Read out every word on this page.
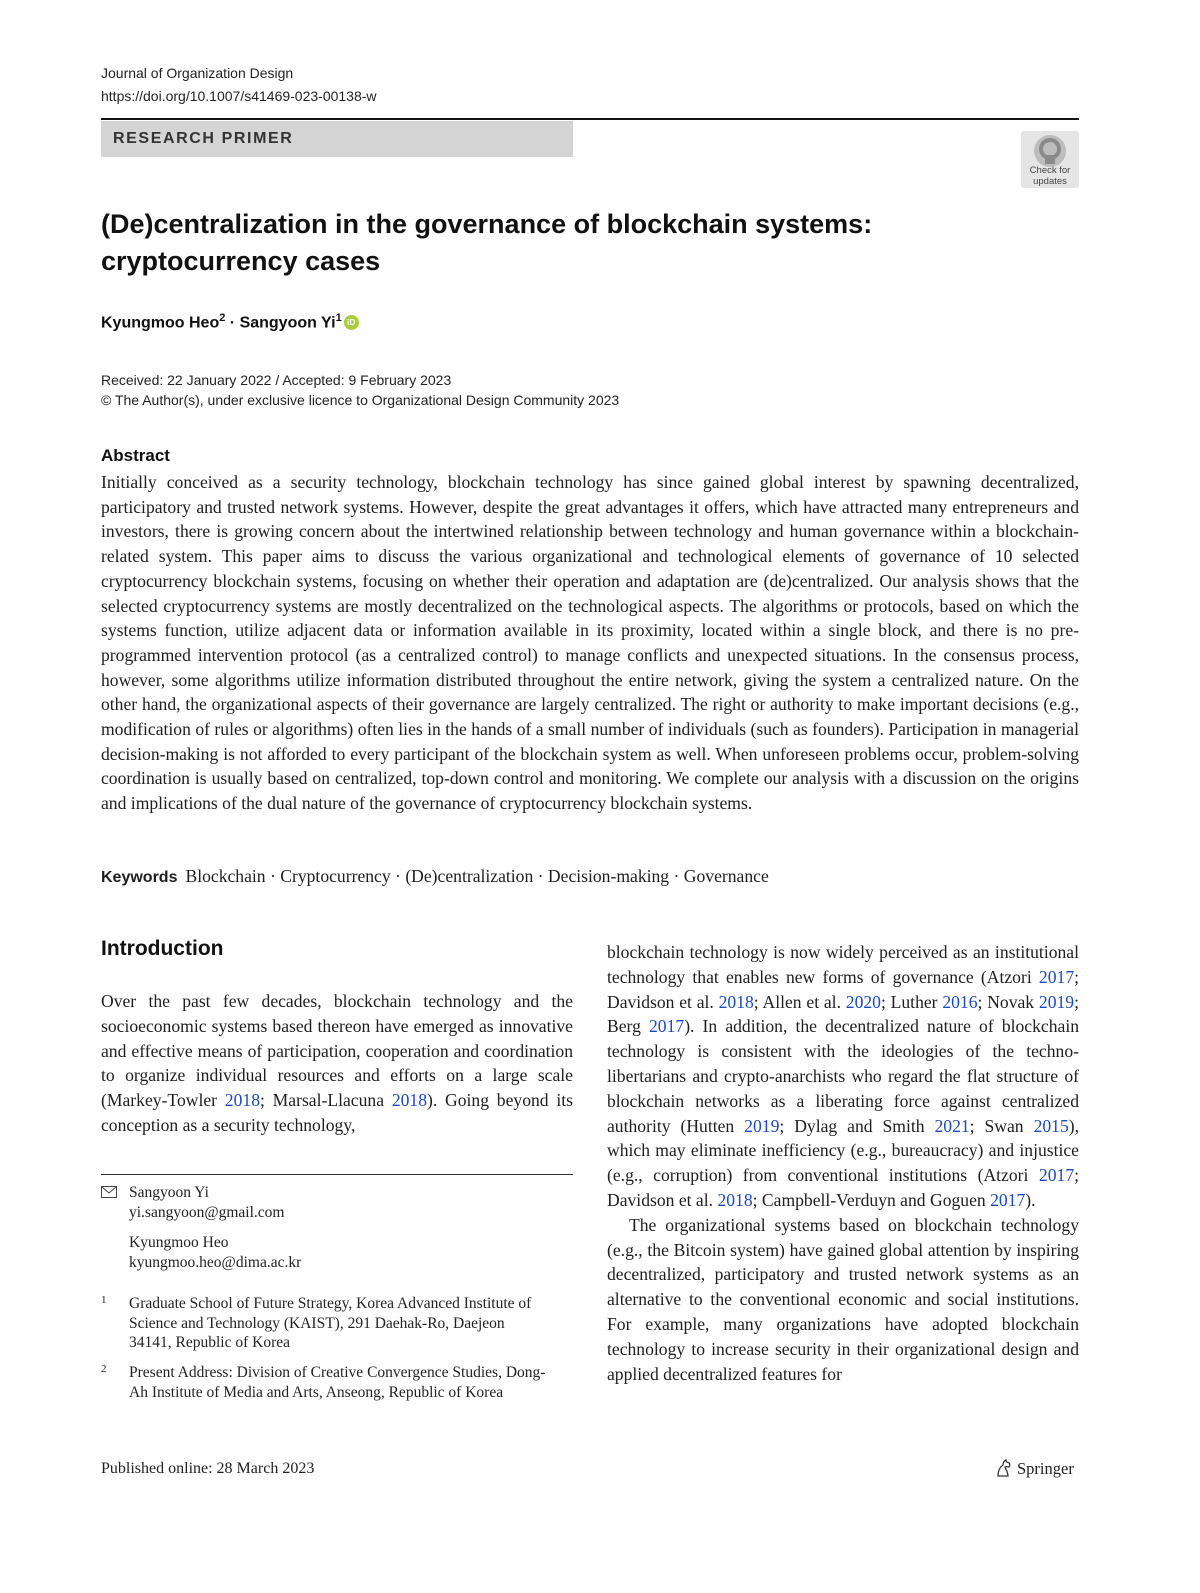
Journal of Organization Design
https://doi.org/10.1007/s41469-023-00138-w
RESEARCH PRIMER
Check for
updates
(De)centralization in the governance of blockchain systems:
cryptocurrency cases
Kyungmoo Heo$^2$ · Sangyoon Yi$^1$ iD
Received: 22 January 2022 / Accepted: 9 February 2023
© The Author(s), under exclusive licence to Organizational Design Community 2023
Abstract
Initially conceived as a security technology, blockchain technology has since gained global interest by spawning decentralized, participatory and trusted network systems. However, despite the great advantages it offers, which have attracted many entrepreneurs and investors, there is growing concern about the intertwined relationship between technology and human governance within a blockchain-related system. This paper aims to discuss the various organizational and technological elements of governance of 10 selected cryptocurrency blockchain systems, focusing on whether their operation and adaptation are (de)centralized. Our analysis shows that the selected cryptocurrency systems are mostly decentralized on the technological aspects. The algorithms or protocols, based on which the systems function, utilize adjacent data or information available in its proximity, located within a single block, and there is no pre-programmed intervention protocol (as a centralized control) to manage conflicts and unexpected situations. In the consensus process, however, some algorithms utilize information distributed throughout the entire network, giving the system a centralized nature. On the other hand, the organizational aspects of their governance are largely centralized. The right or authority to make important decisions (e.g., modification of rules or algorithms) often lies in the hands of a small number of individuals (such as founders). Participation in managerial decision-making is not afforded to every participant of the blockchain system as well. When unforeseen problems occur, problem-solving coordination is usually based on centralized, top-down control and monitoring. We complete our analysis with a discussion on the origins and implications of the dual nature of the governance of cryptocurrency blockchain systems.
Keywords Blockchain · Cryptocurrency · (De)centralization · Decision-making · Governance
Introduction

Over the past few decades, blockchain technology and the socioeconomic systems based thereon have emerged as innovative and effective means of participation, cooperation and coordination to organize individual resources and efforts on a large scale (Markey-Towler 2018; Marsal-Llacuna 2018). Going beyond its conception as a security technology,

blockchain technology is now widely perceived as an institutional technology that enables new forms of governance (Atzori 2017; Davidson et al. 2018; Allen et al. 2020; Luther 2016; Novak 2019; Berg 2017). In addition, the decentralized nature of blockchain technology is consistent with the ideologies of the techno-libertarians and crypto-anarchists who regard the flat structure of blockchain networks as a liberating force against centralized authority (Hutten 2019; Dylag and Smith 2021; Swan 2015), which may eliminate inefficiency (e.g., bureaucracy) and injustice (e.g., corruption) from conventional institutions (Atzori 2017; Davidson et al. 2018; Campbell-Verduyn and Goguen 2017).

The organizational systems based on blockchain technology (e.g., the Bitcoin system) have gained global attention by inspiring decentralized, participatory and trusted network systems as an alternative to the conventional economic and social institutions. For example, many organizations have adopted blockchain technology to increase security in their organizational design and applied decentralized features for

Sangyoon Yi
yi.sangyoon@gmail.com
Kyungmoo Heo
kyungmoo.heo@dima.ac.kr
1 Graduate School of Future Strategy, Korea Advanced Institute of Science and Technology (KAIST), 291 Daehak-Ro, Daejeon 34141, Republic of Korea
2 Present Address: Division of Creative Convergence Studies, Dong-Ah Institute of Media and Arts, Anseong, Republic of Korea
Published online: 28 March 2023	Springer
